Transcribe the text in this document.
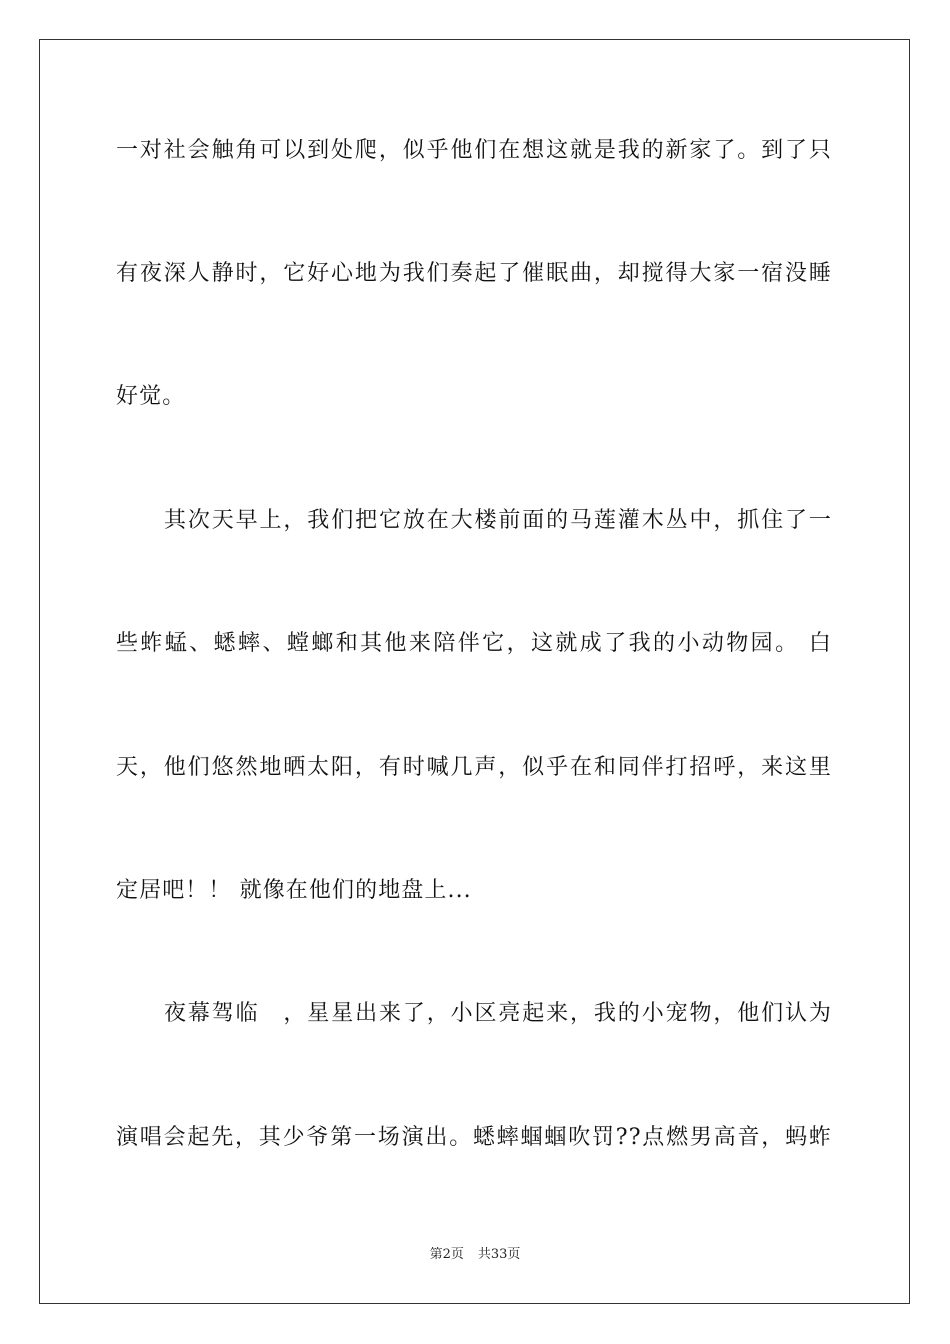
一对社会触角可以到处爬，似乎他们在想这就是我的新家了。到了只
有夜深人静时，它好心地为我们奏起了催眠曲，却搅得大家一宿没睡
好觉。
其次天早上，我们把它放在大楼前面的马莲灌木丛中，抓住了一
些蚱蜢、蟋蟀、螳螂和其他来陪伴它，这就成了我的小动物园。 白
天，他们悠然地晒太阳，有时喊几声，似乎在和同伴打招呼，来这里
定居吧！！ 就像在他们的地盘上...
夜幕驾临　，星星出来了，小区亮起来，我的小宠物，他们认为
演唱会起先，其少爷第一场演出。蟋蟀蝈蝈吹罚??点燃男高音，蚂蚱
第2页 共33页
